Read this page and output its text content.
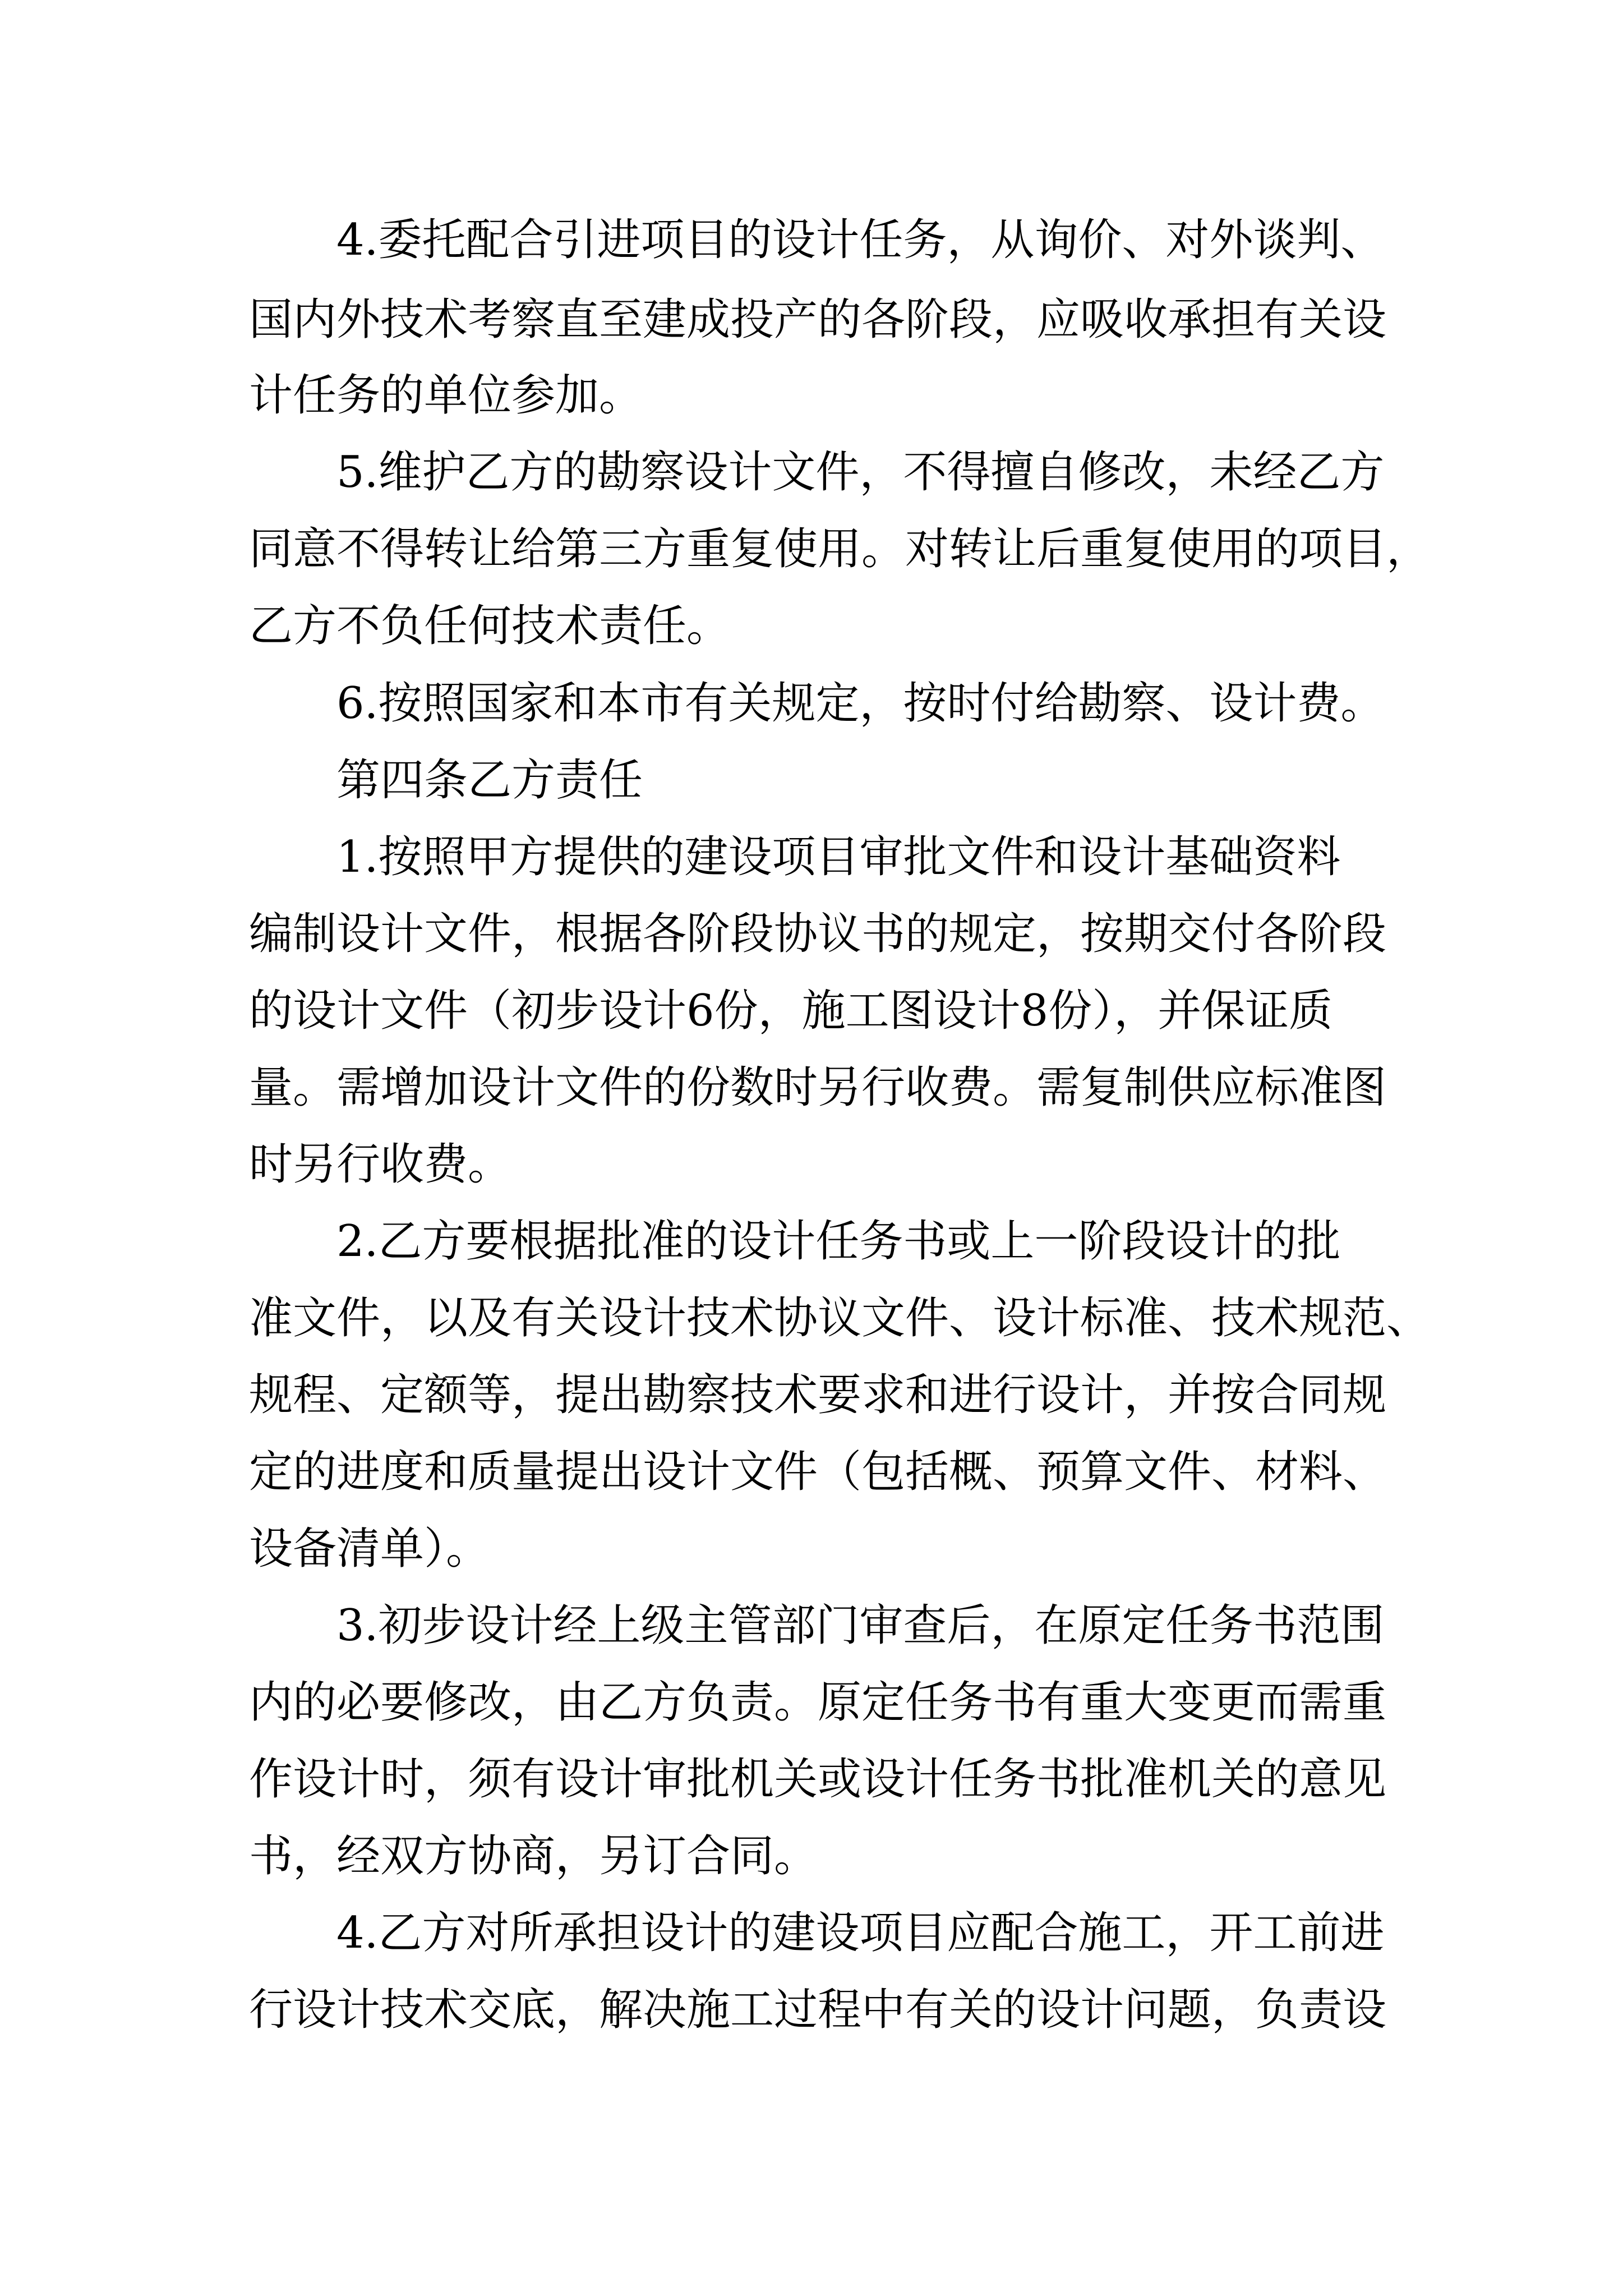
4.委托配合引进项目的设计任务，从询价、对外谈判、

国内外技术考察直至建成投产的各阶段，应吸收承担有关设

计任务的单位参加。

5.维护乙方的勘察设计文件，不得擅自修改，未经乙方

同意不得转让给第三方重复使用。对转让后重复使用的项目，

乙方不负任何技术责任。

6.按照国家和本市有关规定，按时付给勘察、设计费。

第四条乙方责任

1.按照甲方提供的建设项目审批文件和设计基础资料

编制设计文件，根据各阶段协议书的规定，按期交付各阶段

的设计文件（初步设计6份，施工图设计8份），并保证质

量。需增加设计文件的份数时另行收费。需复制供应标准图

时另行收费。

2.乙方要根据批准的设计任务书或上一阶段设计的批

准文件，以及有关设计技术协议文件、设计标准、技术规范、

规程、定额等，提出勘察技术要求和进行设计，并按合同规

定的进度和质量提出设计文件（包括概、预算文件、材料、

设备清单）。

3.初步设计经上级主管部门审查后，在原定任务书范围

内的必要修改，由乙方负责。原定任务书有重大变更而需重

作设计时，须有设计审批机关或设计任务书批准机关的意见

书，经双方协商，另订合同。

4.乙方对所承担设计的建设项目应配合施工，开工前进

行设计技术交底，解决施工过程中有关的设计问题，负责设
